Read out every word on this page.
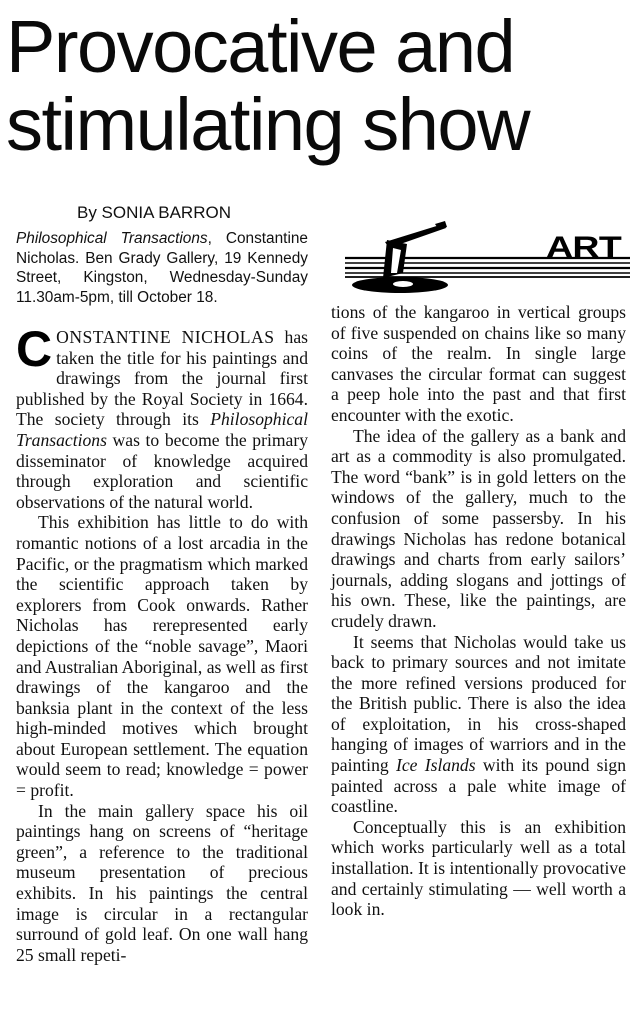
Provocative and
stimulating show
By SONIA BARRON
Philosophical Transactions, Constantine Nicholas. Ben Grady Gallery, 19 Kennedy Street, Kingston, Wednesday-Sunday 11.30am-5pm, till October 18.
ART

CONSTANTINE NICHOLAS has taken the title for his paintings and drawings from the journal first published by the Royal Society in 1664. The society through its Philosophical Transactions was to become the primary disseminator of knowledge acquired through exploration and scientific observations of the natural world.

This exhibition has little to do with romantic notions of a lost arcadia in the Pacific, or the pragmatism which marked the scientific approach taken by explorers from Cook onwards. Rather Nicholas has rerepresented early depictions of the “noble savage”, Maori and Australian Aboriginal, as well as first drawings of the kangaroo and the banksia plant in the context of the less high-minded motives which brought about European settlement. The equation would seem to read; knowledge = power = profit.

In the main gallery space his oil paintings hang on screens of “heritage green”, a reference to the traditional museum presentation of precious exhibits. In his paintings the central image is circular in a rectangular surround of gold leaf. On one wall hang 25 small repeti-

tions of the kangaroo in vertical groups of five suspended on chains like so many coins of the realm. In single large canvases the circular format can suggest a peep hole into the past and that first encounter with the exotic.

The idea of the gallery as a bank and art as a commodity is also promulgated. The word “bank” is in gold letters on the windows of the gallery, much to the confusion of some passersby. In his drawings Nicholas has redone botanical drawings and charts from early sailors’ journals, adding slogans and jottings of his own. These, like the paintings, are crudely drawn.

It seems that Nicholas would take us back to primary sources and not imitate the more refined versions produced for the British public. There is also the idea of exploitation, in his cross-shaped hanging of images of warriors and in the painting Ice Islands with its pound sign painted across a pale white image of coastline.

Conceptually this is an exhibition which works particularly well as a total installation. It is intentionally provocative and certainly stimulating — well worth a look in.
